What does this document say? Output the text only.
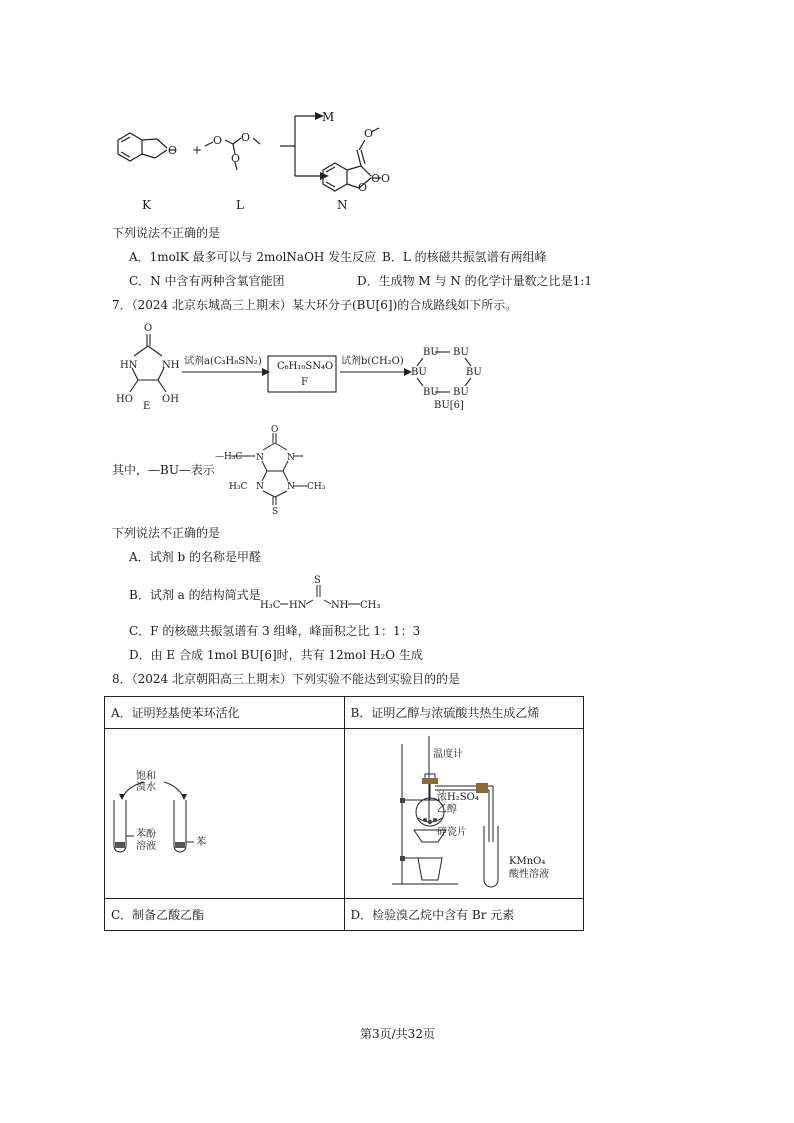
O
O O
O
O
O
O
O
+
M
K	L	N
下列说法不正确的是
A．1molK 最多可以与 2molNaOH 发生反应 B．L 的核磁共振氢谱有两组峰
C．N 中含有两种含氧官能团	D．生成物 M 与 N 的化学计量数之比是1:1
7．（2024 北京东城高三上期末）某大环分子(BU[6])的合成路线如下所示。
O
HN NH
HO	OH
试剂a(C₃H₈SN₂)	试剂b(CH₂O)
C₆H₁₀SN₄O
F
E
BU BU
BU	BU
BU BU
BU[6]
其中，—BU—表示
O
N	N
N	N
S
—H₃C
H₃C	CH₃
下列说法不正确的是
A．试剂 b 的名称是甲醛
B．试剂 a 的结构简式是
S
H₃C HN NH CH₃
C．F 的核磁共振氢谱有 3 组峰，峰面积之比 1：1：3
D．由 E 合成 1mol BU[6]时，共有 12mol H₂O 生成
8．（2024 北京朝阳高三上期末）下列实验不能达到实验目的的是
A．证明羟基使苯环活化	B．证明乙醇与浓硫酸共热生成乙烯

C．制备乙酸乙酯	D．检验溴乙烷中含有 Br 元素
饱和
溴水
苯酚
溶液	苯
温度计
浓H₂SO₄
乙醇
碎瓷片
KMnO₄
酸性溶液
第3页/共32页
